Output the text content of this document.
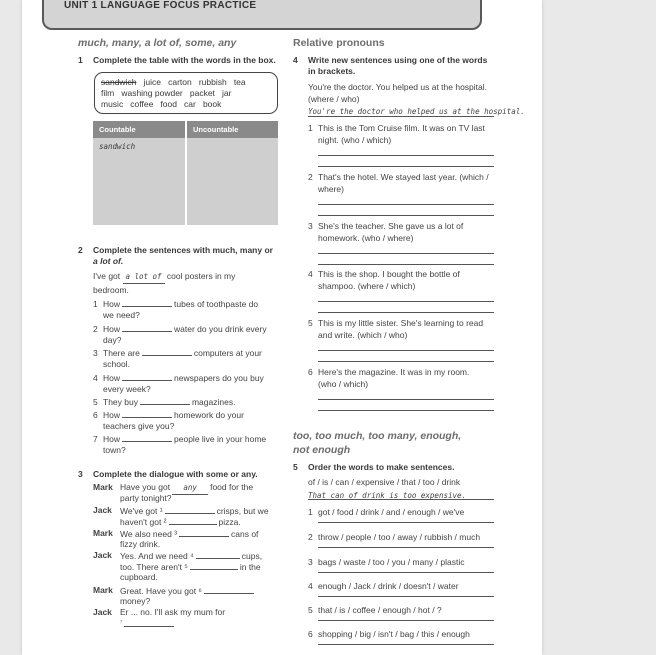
UNIT 1 LANGUAGE FOCUS PRACTICE
much, many, a lot of, some, any
1 Complete the table with the words in the box.
sandwich juice carton rubbish tea
film washing powder packet jar
music coffee food car book
Countable	Uncountable
sandwich	
2 Complete the sentences with much, many or
a lot of.
I've got a lot of cool posters in my
bedroom.
1 How	tubes of toothpaste do
we need?
2 How	water do you drink every
day?
3 There are	computers at your
school.
4 How	newspapers do you buy
every week?
5 They buy	magazines.
6 How	homework do your
teachers give you?
7 How	people live in your home
town?
3 Complete the dialogue with some or any.
Mark Have you got any food for the
party tonight?
Jack We've got ¹	crisps, but we
haven't got ²	pizza.
Mark We also need ³	cans of
fizzy drink.
Jack Yes. And we need ⁴	cups,
too. There aren't ⁵	in the
cupboard.
Mark Great. Have you got ⁶
money?
Jack Er ... no. I'll ask my mum for
$^{^7}$
Relative pronouns
4 Write new sentences using one of the words
in brackets.
You're the doctor. You helped us at the hospital.
(where / who)
You're the doctor who helped us at the hospital.
1 This is the Tom Cruise film. It was on TV last
night. (who / which)
2 That's the hotel. We stayed last year. (which /
where)
3 She's the teacher. She gave us a lot of
homework. (who / where)
4 This is the shop. I bought the bottle of
shampoo. (where / which)
5 This is my little sister. She's learning to read
and write. (which / who)
6 Here's the magazine. It was in my room.
(who / which)
too, too much, too many, enough,
not enough
5 Order the words to make sentences.
of / is / can / expensive / that / too / drink
That can of drink is too expensive.
1 got / food / drink / and / enough / we've
2 throw / people / too / away / rubbish / much
3 bags / waste / too / you / many / plastic
4 enough / Jack / drink / doesn't / water
5 that / is / coffee / enough / hot / ?
6 shopping / big / isn't / bag / this / enough
